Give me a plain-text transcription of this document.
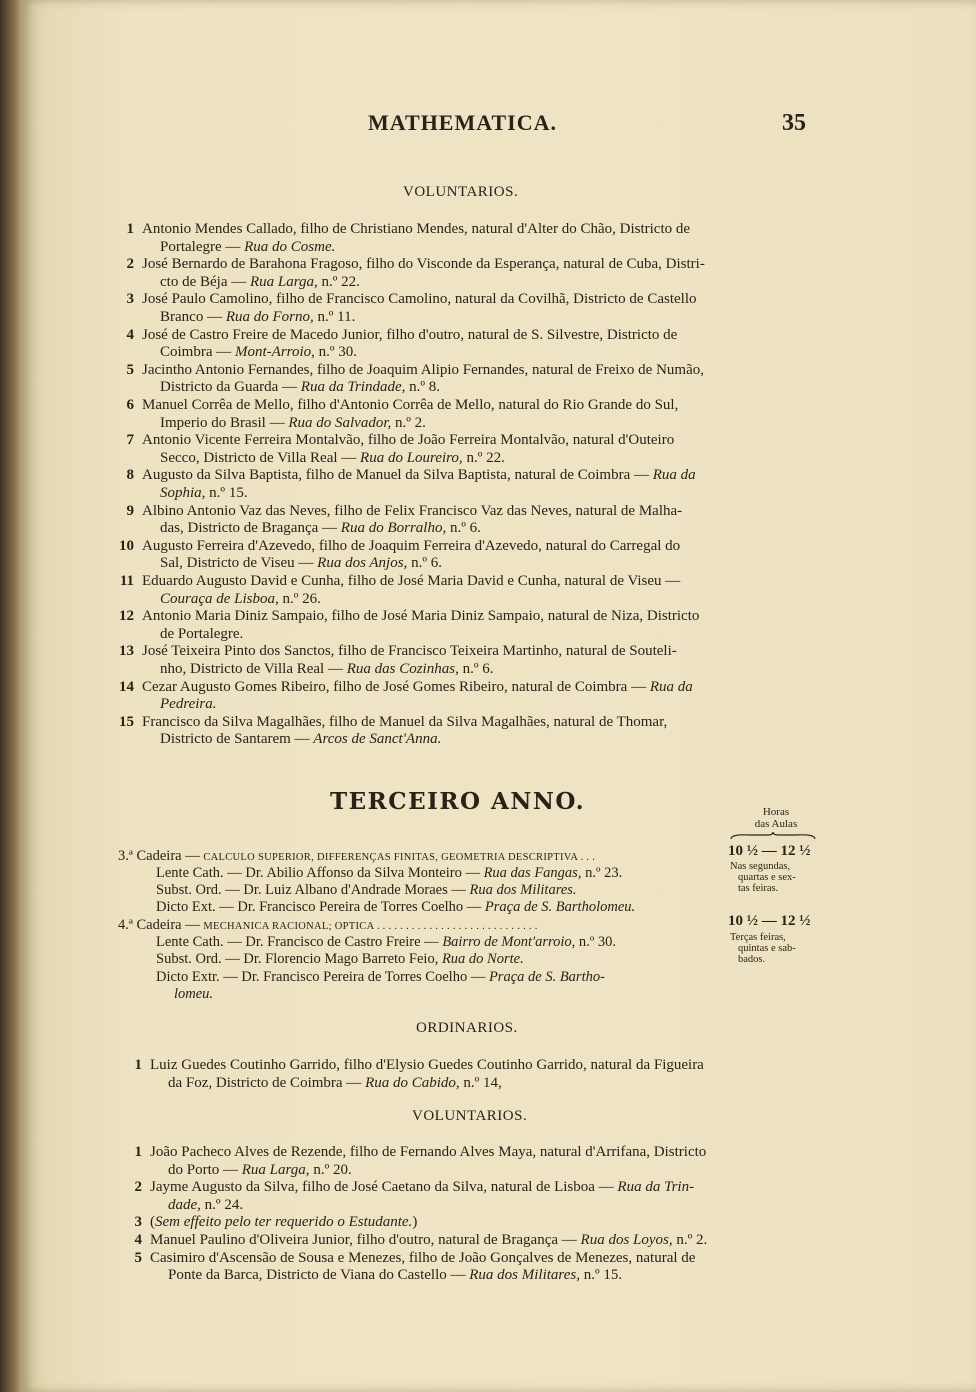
MATHEMATICA.	35
VOLUNTARIOS.
1 Antonio Mendes Callado, filho de Christiano Mendes, natural d'Alter do Chão, Districto de
Portalegre — Rua do Cosme.
2 José Bernardo de Barahona Fragoso, filho do Visconde da Esperança, natural de Cuba, Distri-
cto de Béja — Rua Larga, n.º 22.
3 José Paulo Camolino, filho de Francisco Camolino, natural da Covilhã, Districto de Castello
Branco — Rua do Forno, n.º 11.
4 José de Castro Freire de Macedo Junior, filho d'outro, natural de S. Silvestre, Districto de
Coimbra — Mont-Arroio, n.º 30.
5 Jacintho Antonio Fernandes, filho de Joaquim Alipio Fernandes, natural de Freixo de Numão,
Districto da Guarda — Rua da Trindade, n.º 8.
6 Manuel Corrêa de Mello, filho d'Antonio Corrêa de Mello, natural do Rio Grande do Sul,
Imperio do Brasil — Rua do Salvador, n.º 2.
7 Antonio Vicente Ferreira Montalvão, filho de João Ferreira Montalvão, natural d'Outeiro
Secco, Districto de Villa Real — Rua do Loureiro, n.º 22.
8 Augusto da Silva Baptista, filho de Manuel da Silva Baptista, natural de Coimbra — Rua da
Sophia, n.º 15.
9 Albino Antonio Vaz das Neves, filho de Felix Francisco Vaz das Neves, natural de Malha-
das, Districto de Bragança — Rua do Borralho, n.º 6.
10 Augusto Ferreira d'Azevedo, filho de Joaquim Ferreira d'Azevedo, natural do Carregal do
Sal, Districto de Viseu — Rua dos Anjos, n.º 6.
11 Eduardo Augusto David e Cunha, filho de José Maria David e Cunha, natural de Viseu —
Couraça de Lisboa, n.º 26.
12 Antonio Maria Diniz Sampaio, filho de José Maria Diniz Sampaio, natural de Niza, Districto
de Portalegre.
13 José Teixeira Pinto dos Sanctos, filho de Francisco Teixeira Martinho, natural de Souteli-
nho, Districto de Villa Real — Rua das Cozinhas, n.º 6.
14 Cezar Augusto Gomes Ribeiro, filho de José Gomes Ribeiro, natural de Coimbra — Rua da
Pedreira.
15 Francisco da Silva Magalhães, filho de Manuel da Silva Magalhães, natural de Thomar,
Districto de Santarem — Arcos de Sanct'Anna.
TERCEIRO ANNO.	Horas
das Aulas
3.ª Cadeira — CALCULO SUPERIOR, DIFFERENÇAS FINITAS, GEOMETRIA DESCRIPTIVA . . .	10 ½ — 12 ½
Nas segundas,
quartas e sex-
tas feiras.
Lente Cath. — Dr. Abilio Affonso da Silva Monteiro — Rua das Fangas, n.º 23.
Subst. Ord. — Dr. Luiz Albano d'Andrade Moraes — Rua dos Militares.
Dicto Ext. — Dr. Francisco Pereira de Torres Coelho — Praça de S. Bartholomeu.
4.ª Cadeira — MECHANICA RACIONAL; OPTICA . . . . . . . . . . . . . . . . . . . . . . . . . . . .	10 ½ — 12 ½
Terças feiras,
quintas e sab-
bados.
Lente Cath. — Dr. Francisco de Castro Freire — Bairro de Mont'arroio, n.º 30.
Subst. Ord. — Dr. Florencio Mago Barreto Feio, Rua do Norte.
Dicto Extr. — Dr. Francisco Pereira de Torres Coelho — Praça de S. Bartho-
lomeu.
ORDINARIOS.
1 Luiz Guedes Coutinho Garrido, filho d'Elysio Guedes Coutinho Garrido, natural da Figueira
da Foz, Districto de Coimbra — Rua do Cabido, n.º 14,
VOLUNTARIOS.
1 João Pacheco Alves de Rezende, filho de Fernando Alves Maya, natural d'Arrifana, Districto
do Porto — Rua Larga, n.º 20.
2 Jayme Augusto da Silva, filho de José Caetano da Silva, natural de Lisboa — Rua da Trin-
dade, n.º 24.
3 (Sem effeito pelo ter requerido o Estudante.)
4 Manuel Paulino d'Oliveira Junior, filho d'outro, natural de Bragança — Rua dos Loyos, n.º 2.
5 Casimiro d'Ascensão de Sousa e Menezes, filho de João Gonçalves de Menezes, natural de
Ponte da Barca, Districto de Viana do Castello — Rua dos Militares, n.º 15.
